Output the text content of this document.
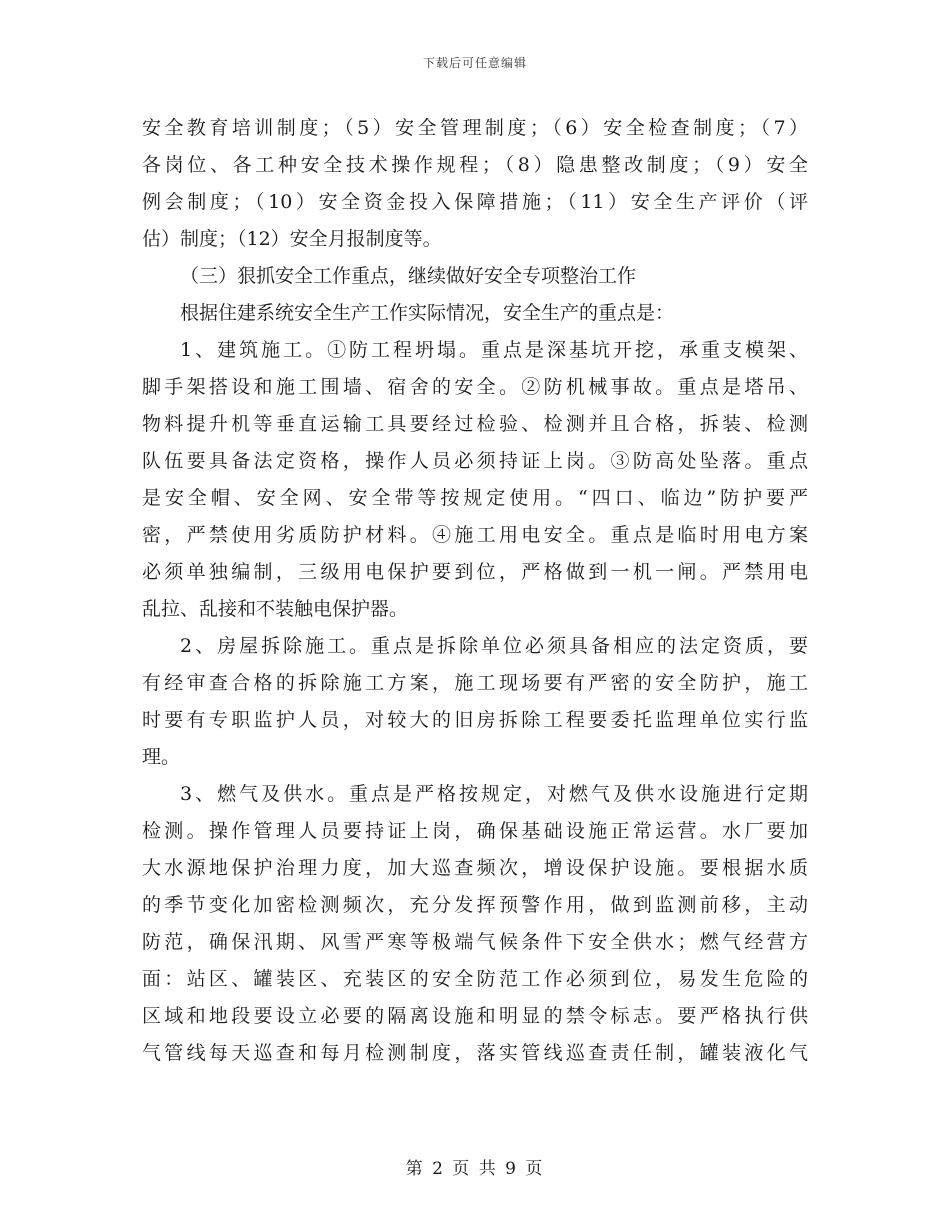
下载后可任意编辑
安全教育培训制度；（5）安全管理制度；（6）安全检查制度；（7）
各岗位、各工种安全技术操作规程；（8）隐患整改制度；（9）安全
例会制度；（10）安全资金投入保障措施；（11）安全生产评价（评
估）制度；（12）安全月报制度等。
（三）狠抓安全工作重点，继续做好安全专项整治工作
根据住建系统安全生产工作实际情况，安全生产的重点是：
1、建筑施工。①防工程坍塌。重点是深基坑开挖，承重支模架、
脚手架搭设和施工围墙、宿舍的安全。②防机械事故。重点是塔吊、
物料提升机等垂直运输工具要经过检验、检测并且合格，拆装、检测
队伍要具备法定资格，操作人员必须持证上岗。③防高处坠落。重点
是安全帽、安全网、安全带等按规定使用。“四口、临边”防护要严
密，严禁使用劣质防护材料。④施工用电安全。重点是临时用电方案
必须单独编制，三级用电保护要到位，严格做到一机一闸。严禁用电
乱拉、乱接和不装触电保护器。
2、房屋拆除施工。重点是拆除单位必须具备相应的法定资质，要
有经审查合格的拆除施工方案，施工现场要有严密的安全防护，施工
时要有专职监护人员，对较大的旧房拆除工程要委托监理单位实行监
理。
3、燃气及供水。重点是严格按规定，对燃气及供水设施进行定期
检测。操作管理人员要持证上岗，确保基础设施正常运营。水厂要加
大水源地保护治理力度，加大巡查频次，增设保护设施。要根据水质
的季节变化加密检测频次，充分发挥预警作用，做到监测前移，主动
防范，确保汛期、风雪严寒等极端气候条件下安全供水；燃气经营方
面：站区、罐装区、充装区的安全防范工作必须到位，易发生危险的
区域和地段要设立必要的隔离设施和明显的禁令标志。要严格执行供
气管线每天巡查和每月检测制度，落实管线巡查责任制，罐装液化气
第 2 页 共 9 页
